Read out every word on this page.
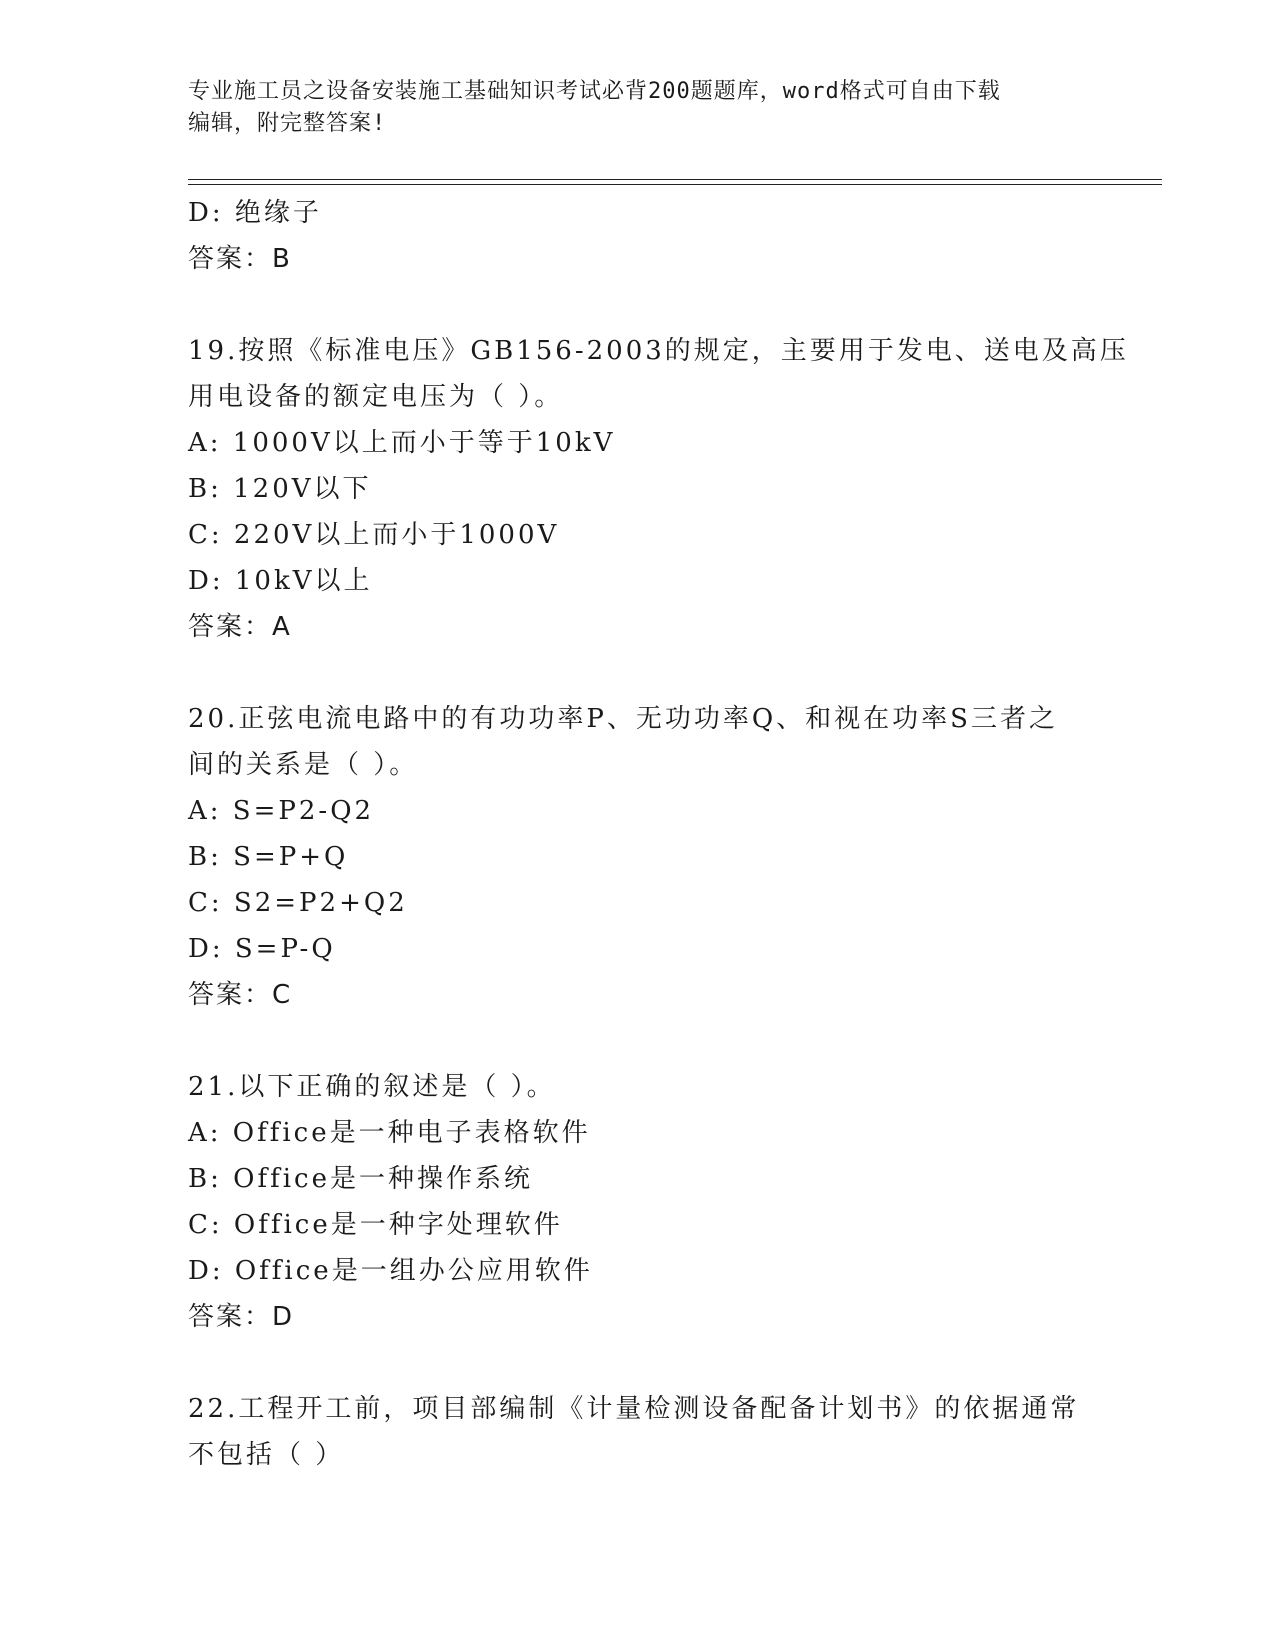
专业施工员之设备安装施工基础知识考试必背200题题库，word格式可自由下载
编辑，附完整答案!
D: 绝缘子
答案：B
19.按照《标准电压》GB156-2003的规定，主要用于发电、送电及高压
用电设备的额定电压为（ ）。
A: 1000V以上而小于等于10kV
B: 120V以下
C: 220V以上而小于1000V
D: 10kV以上
答案：A
20.正弦电流电路中的有功功率P、无功功率Q、和视在功率S三者之
间的关系是（ ）。
A: S=P2-Q2
B: S=P+Q
C: S2=P2+Q2
D: S=P-Q
答案：C
21.以下正确的叙述是（ ）。
A: Office是一种电子表格软件
B: Office是一种操作系统
C: Office是一种字处理软件
D: Office是一组办公应用软件
答案：D
22.工程开工前，项目部编制《计量检测设备配备计划书》的依据通常
不包括（ ）
